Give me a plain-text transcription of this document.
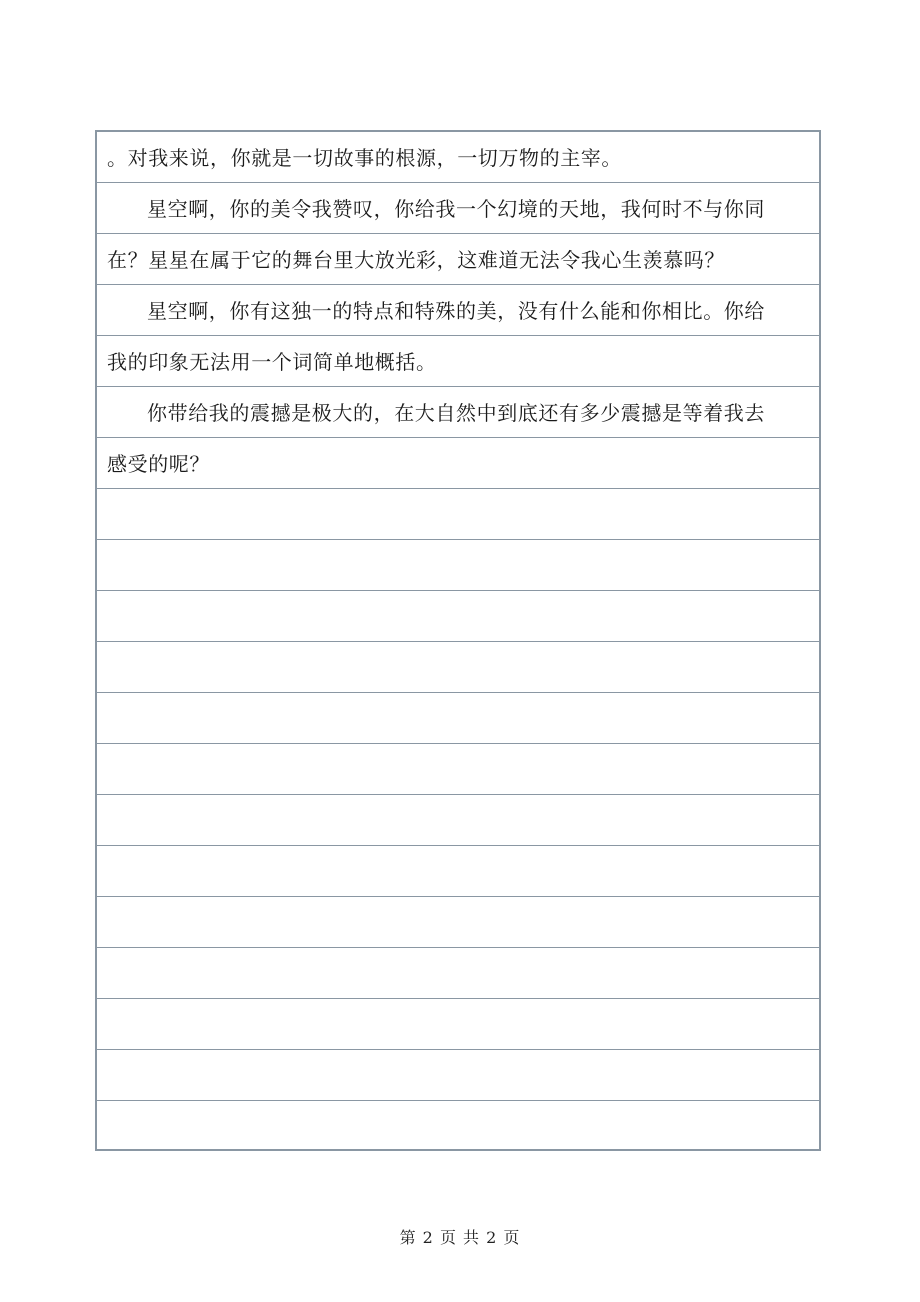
。对我来说，你就是一切故事的根源，一切万物的主宰。
星空啊，你的美令我赞叹，你给我一个幻境的天地，我何时不与你同
在？星星在属于它的舞台里大放光彩，这难道无法令我心生羡慕吗？
星空啊，你有这独一的特点和特殊的美，没有什么能和你相比。你给
我的印象无法用一个词简单地概括。
你带给我的震撼是极大的，在大自然中到底还有多少震撼是等着我去
感受的呢？
第 2 页 共 2 页
